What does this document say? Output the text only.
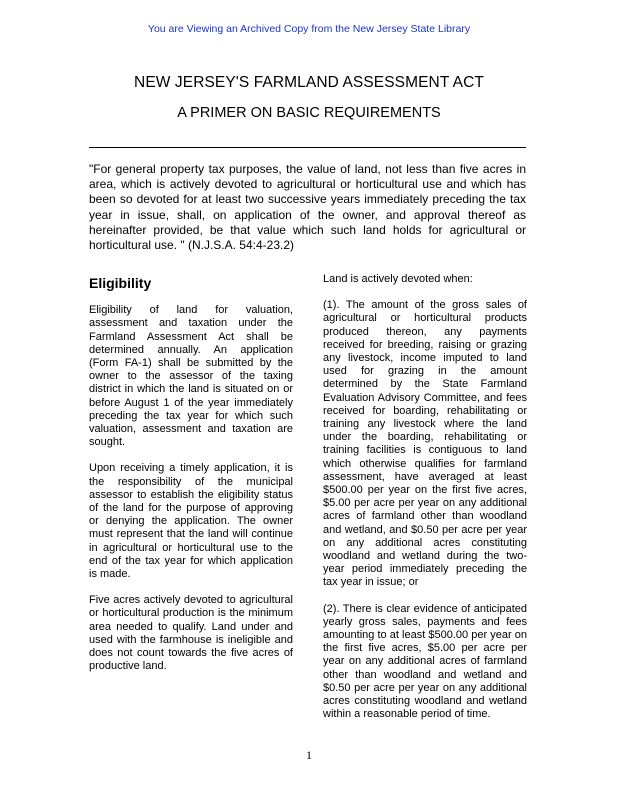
You are Viewing an Archived Copy from the New Jersey State Library
NEW JERSEY'S FARMLAND ASSESSMENT ACT
A PRIMER ON BASIC REQUIREMENTS
"For general property tax purposes, the value of land, not less than five acres in area, which is actively devoted to agricultural or horticultural use and which has been so devoted for at least two successive years immediately preceding the tax year in issue, shall, on application of the owner, and approval thereof as hereinafter provided, be that value which such land holds for agricultural or horticultural use. " (N.J.S.A. 54:4-23.2)
Eligibility

Eligibility of land for valuation, assessment and taxation under the Farmland Assessment Act shall be determined annually. An application (Form FA-1) shall be submitted by the owner to the assessor of the taxing district in which the land is situated on or before August 1 of the year immediately preceding the tax year for which such valuation, assessment and taxation are sought.

Upon receiving a timely application, it is the responsibility of the municipal assessor to establish the eligibility status of the land for the purpose of approving or denying the application. The owner must represent that the land will continue in agricultural or horticultural use to the end of the tax year for which application is made.

Five acres actively devoted to agricultural or horticultural production is the minimum area needed to qualify. Land under and used with the farmhouse is ineligible and does not count towards the five acres of productive land.

Land is actively devoted when:

(1). The amount of the gross sales of agricultural or horticultural products produced thereon, any payments received for breeding, raising or grazing any livestock, income imputed to land used for grazing in the amount determined by the State Farmland Evaluation Advisory Committee, and fees received for boarding, rehabilitating or training any livestock where the land under the boarding, rehabilitating or training facilities is contiguous to land which otherwise qualifies for farmland assessment, have averaged at least $500.00 per year on the first five acres, $5.00 per acre per year on any additional acres of farmland other than woodland and wetland, and $0.50 per acre per year on any additional acres constituting woodland and wetland during the two-year period immediately preceding the tax year in issue; or

(2). There is clear evidence of anticipated yearly gross sales, payments and fees amounting to at least $500.00 per year on the first five acres, $5.00 per acre per year on any additional acres of farmland other than woodland and wetland and $0.50 per acre per year on any additional acres constituting woodland and wetland within a reasonable period of time.

1
